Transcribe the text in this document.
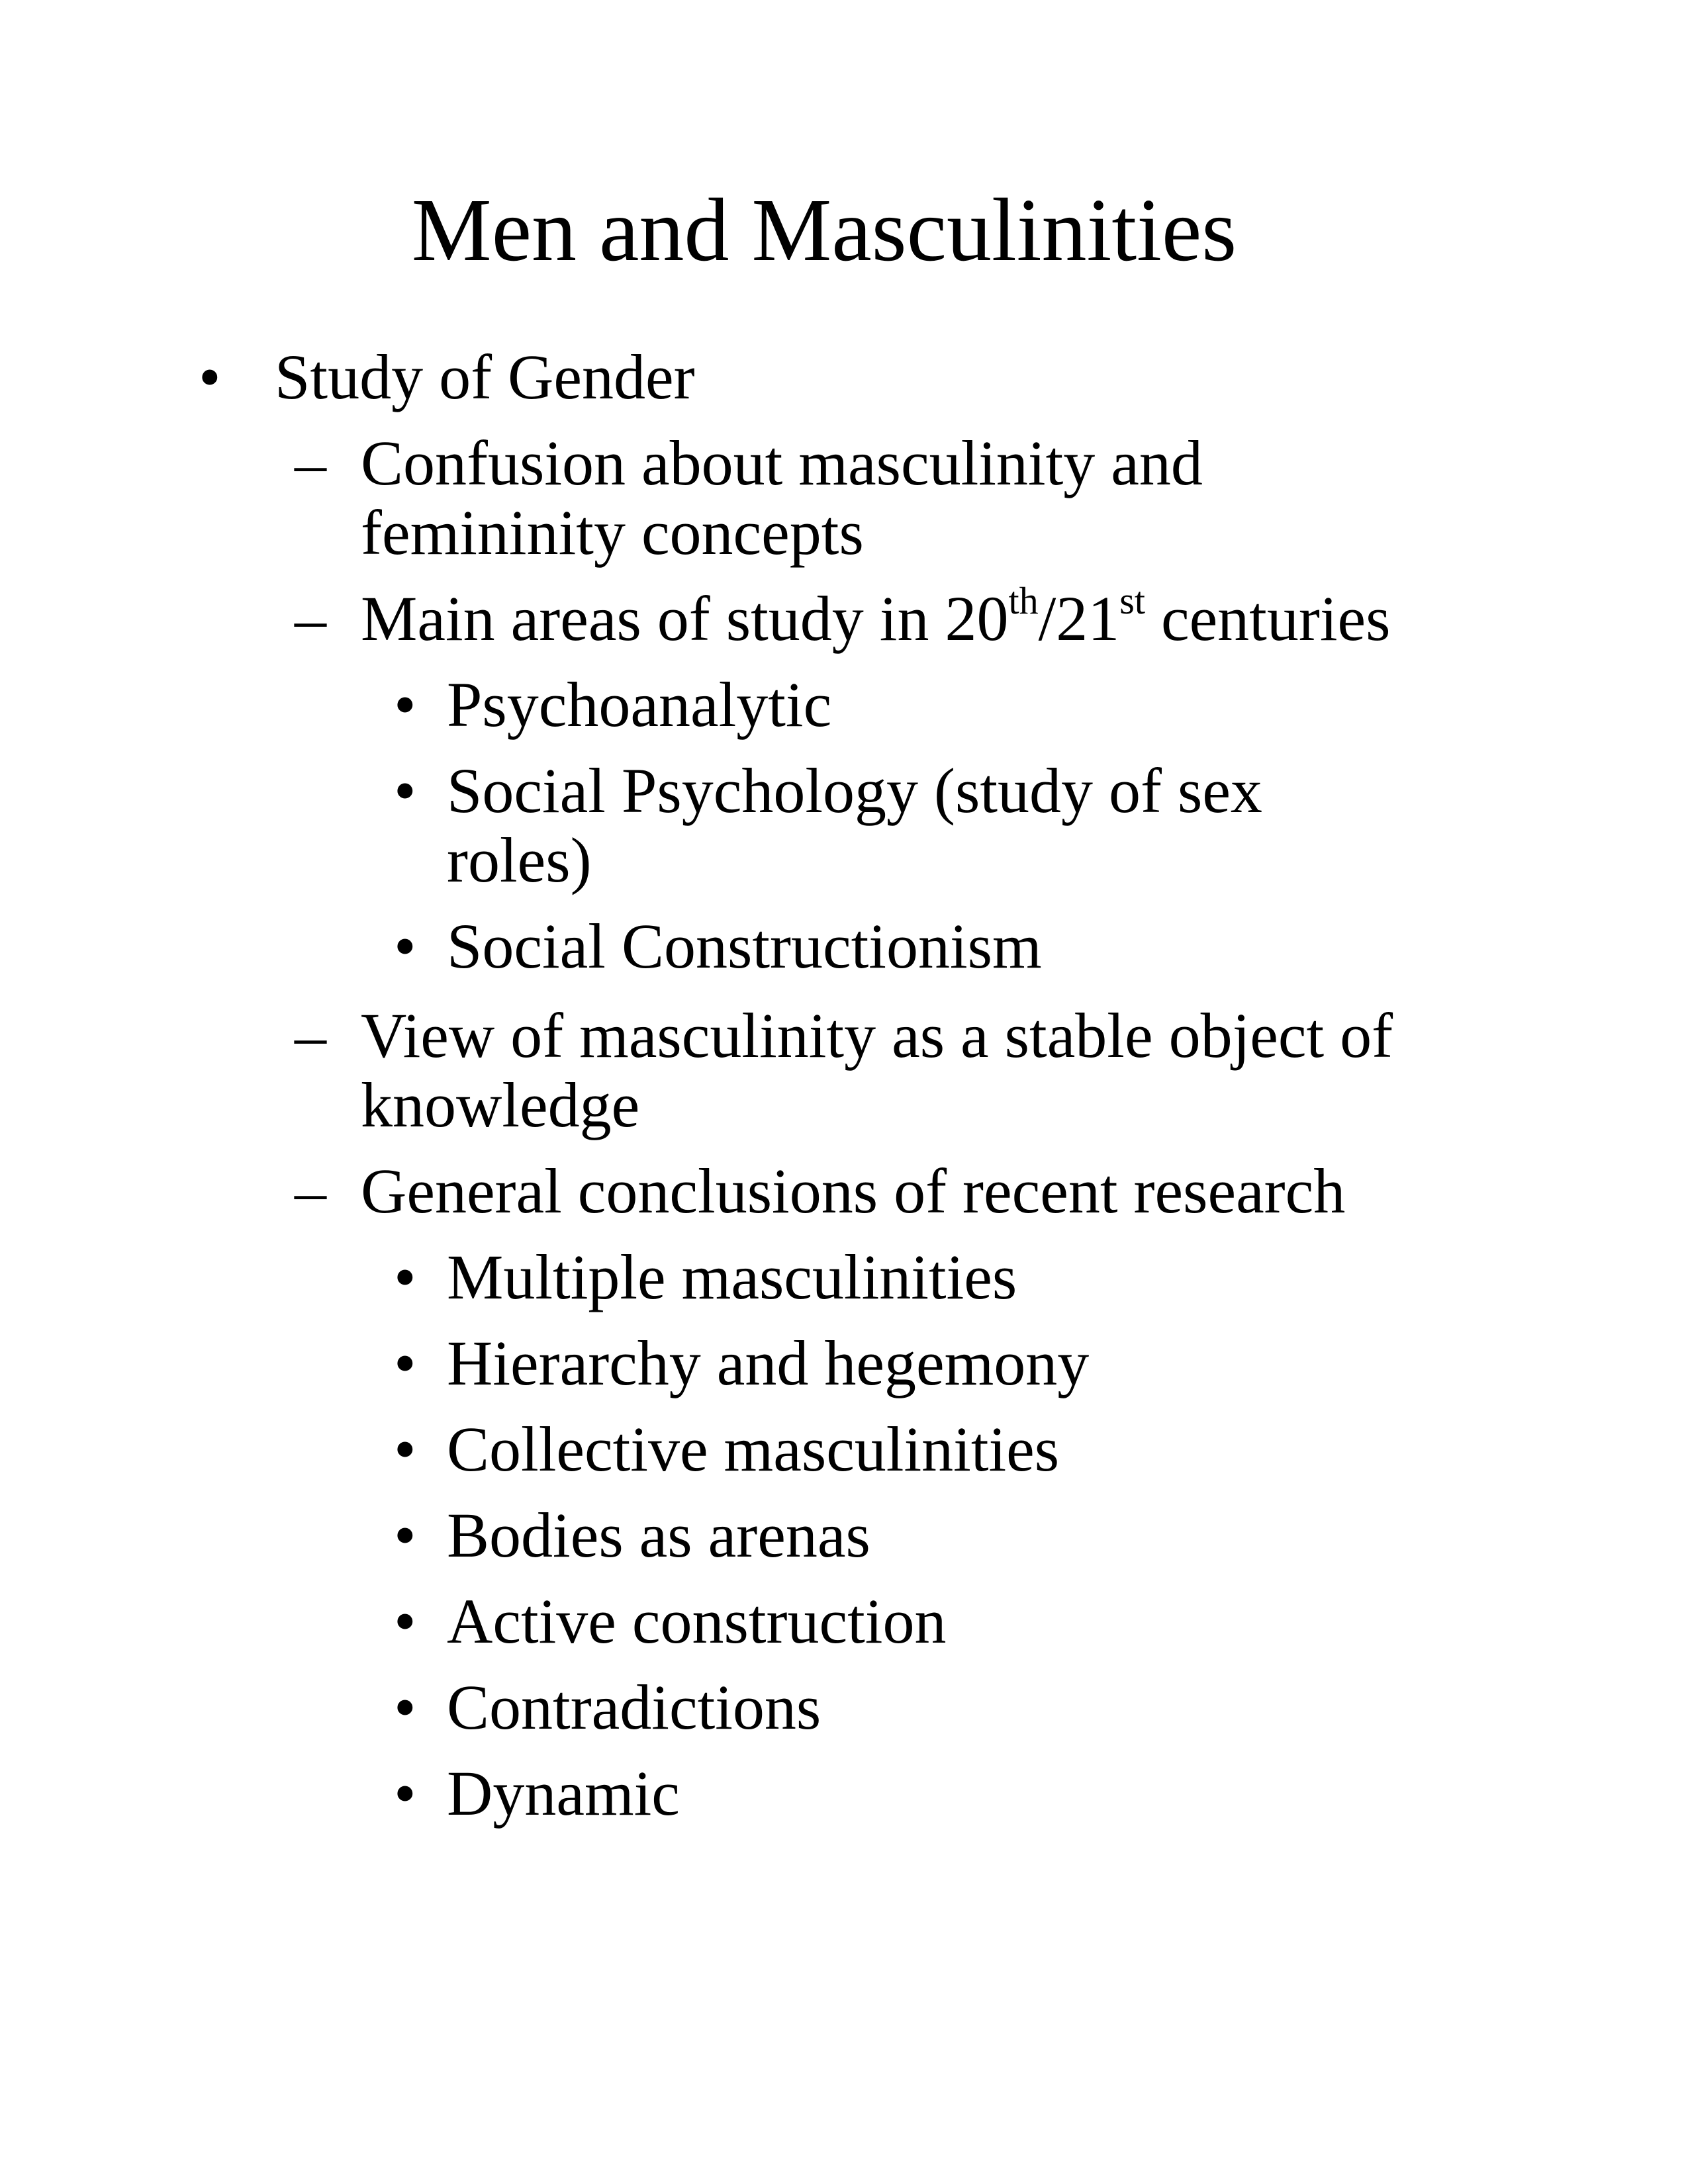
Men and Masculinities
• Study of Gender
– Confusion about masculinity and
femininity concepts
– Main areas of study in 20th/21st centuries
• Psychoanalytic
• Social Psychology (study of sex
roles)
• Social Constructionism
– View of masculinity as a stable object of
knowledge
– General conclusions of recent research
• Multiple masculinities
• Hierarchy and hegemony
• Collective masculinities
• Bodies as arenas
• Active construction
• Contradictions
• Dynamic
